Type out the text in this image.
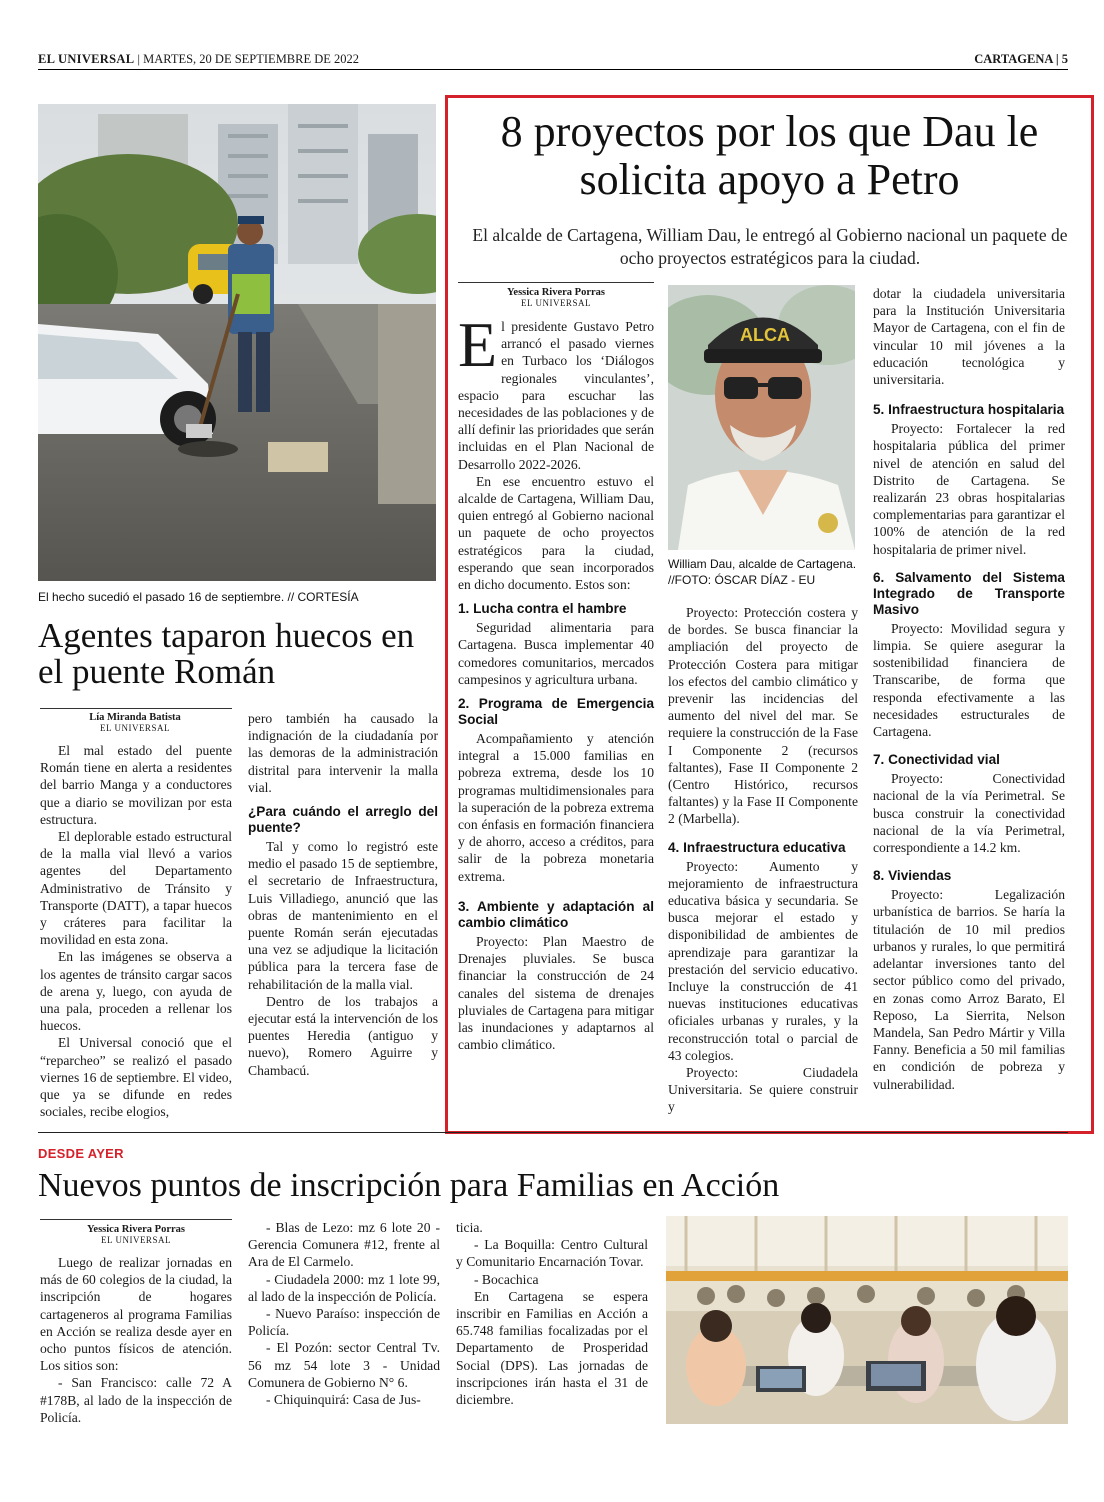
EL UNIVERSAL | MARTES, 20 DE SEPTIEMBRE DE 2022	CARTAGENA | 5
El hecho sucedió el pasado 16 de septiembre. // CORTESÍA
Agentes taparon huecos en el puente Román
Lía Miranda Batista
EL UNIVERSAL

El mal estado del puente Román tiene en alerta a residentes del barrio Manga y a conductores que a diario se movilizan por esta estructura.

El deplorable estado estructural de la malla vial llevó a varios agentes del Departamento Administrativo de Tránsito y Transporte (DATT), a tapar huecos y cráteres para facilitar la movilidad en esta zona.

En las imágenes se observa a los agentes de tránsito cargar sacos de arena y, luego, con ayuda de una pala, proceden a rellenar los huecos.

El Universal conoció que el “reparcheo” se realizó el pasado viernes 16 de septiembre. El video, que ya se difunde en redes sociales, recibe elogios,

pero también ha causado la indignación de la ciudadanía por las demoras de la administración distrital para intervenir la malla vial.

¿Para cuándo el arreglo del puente?

Tal y como lo registró este medio el pasado 15 de septiembre, el secretario de Infraestructura, Luis Villadiego, anunció que las obras de mantenimiento en el puente Román serán ejecutadas una vez se adjudique la licitación pública para la tercera fase de rehabilitación de la malla vial.

Dentro de los trabajos a ejecutar está la intervención de los puentes Heredia (antiguo y nuevo), Romero Aguirre y Chambacú.

8 proyectos por los que Dau le solicita apoyo a Petro
El alcalde de Cartagena, William Dau, le entregó al Gobierno nacional un paquete de ocho proyectos estratégicos para la ciudad.
Yessica Rivera Porras
EL UNIVERSAL

El presidente Gustavo Petro arrancó el pasado viernes en Turbaco los ‘Diálogos regionales vinculantes’, espacio para escuchar las necesidades de las poblaciones y de allí definir las prioridades que serán incluidas en el Plan Nacional de Desarrollo 2022-2026.

En ese encuentro estuvo el alcalde de Cartagena, William Dau, quien entregó al Gobierno nacional un paquete de ocho proyectos estratégicos para la ciudad, esperando que sean incorporados en dicho documento. Estos son:

1. Lucha contra el hambre

Seguridad alimentaria para Cartagena. Busca implementar 40 comedores comunitarios, mercados campesinos y agricultura urbana.

2. Programa de Emergencia Social

Acompañamiento y atención integral a 15.000 familias en pobreza extrema, desde los 10 programas multidimensionales para la superación de la pobreza extrema con énfasis en formación financiera y de ahorro, acceso a créditos, para salir de la pobreza monetaria extrema.

3. Ambiente y adaptación al cambio climático

Proyecto: Plan Maestro de Drenajes pluviales. Se busca financiar la construcción de 24 canales del sistema de drenajes pluviales de Cartagena para mitigar las inundaciones y adaptarnos al cambio climático.

ALCA
William Dau, alcalde de Cartagena. //FOTO: ÓSCAR DÍAZ - EU

Proyecto: Protección costera y de bordes. Se busca financiar la ampliación del proyecto de Protección Costera para mitigar los efectos del cambio climático y prevenir las incidencias del aumento del nivel del mar. Se requiere la construcción de la Fase I Componente 2 (recursos faltantes), Fase II Componente 2 (Centro Histórico, recursos faltantes) y la Fase II Componente 2 (Marbella).

4. Infraestructura educativa

Proyecto: Aumento y mejoramiento de infraestructura educativa básica y secundaria. Se busca mejorar el estado y disponibilidad de ambientes de aprendizaje para garantizar la prestación del servicio educativo. Incluye la construcción de 41 nuevas instituciones educativas oficiales urbanas y rurales, y la reconstrucción total o parcial de 43 colegios.

Proyecto: Ciudadela Universitaria. Se quiere construir y

dotar la ciudadela universitaria para la Institución Universitaria Mayor de Cartagena, con el fin de vincular 10 mil jóvenes a la educación tecnológica y universitaria.

5. Infraestructura hospitalaria

Proyecto: Fortalecer la red hospitalaria pública del primer nivel de atención en salud del Distrito de Cartagena. Se realizarán 23 obras hospitalarias complementarias para garantizar el 100% de atención de la red hospitalaria de primer nivel.

6. Salvamento del Sistema Integrado de Transporte Masivo

Proyecto: Movilidad segura y limpia. Se quiere asegurar la sostenibilidad financiera de Transcaribe, de forma que responda efectivamente a las necesidades estructurales de Cartagena.

7. Conectividad vial

Proyecto: Conectividad nacional de la vía Perimetral. Se busca construir la conectividad nacional de la vía Perimetral, correspondiente a 14.2 km.

8. Viviendas

Proyecto: Legalización urbanística de barrios. Se haría la titulación de 10 mil predios urbanos y rurales, lo que permitirá adelantar inversiones tanto del sector público como del privado, en zonas como Arroz Barato, El Reposo, La Sierrita, Nelson Mandela, San Pedro Mártir y Villa Fanny. Beneficia a 50 mil familias en condición de pobreza y vulnerabilidad.

DESDE AYER
Nuevos puntos de inscripción para Familias en Acción
Yessica Rivera Porras
EL UNIVERSAL

Luego de realizar jornadas en más de 60 colegios de la ciudad, la inscripción de hogares cartageneros al programa Familias en Acción se realiza desde ayer en ocho puntos físicos de atención. Los sitios son:

- San Francisco: calle 72 A #178B, al lado de la inspección de Policía.

- Blas de Lezo: mz 6 lote 20 - Gerencia Comunera #12, frente al Ara de El Carmelo.

- Ciudadela 2000: mz 1 lote 99, al lado de la inspección de Policía.

- Nuevo Paraíso: inspección de Policía.

- El Pozón: sector Central Tv. 56 mz 54 lote 3 - Unidad Comunera de Gobierno N° 6.

- Chiquinquirá: Casa de Jus-

ticia.

- La Boquilla: Centro Cultural y Comunitario Encarnación Tovar.

- Bocachica

En Cartagena se espera inscribir en Familias en Acción a 65.748 familias focalizadas por el Departamento de Prosperidad Social (DPS). Las jornadas de inscripciones irán hasta el 31 de diciembre.
